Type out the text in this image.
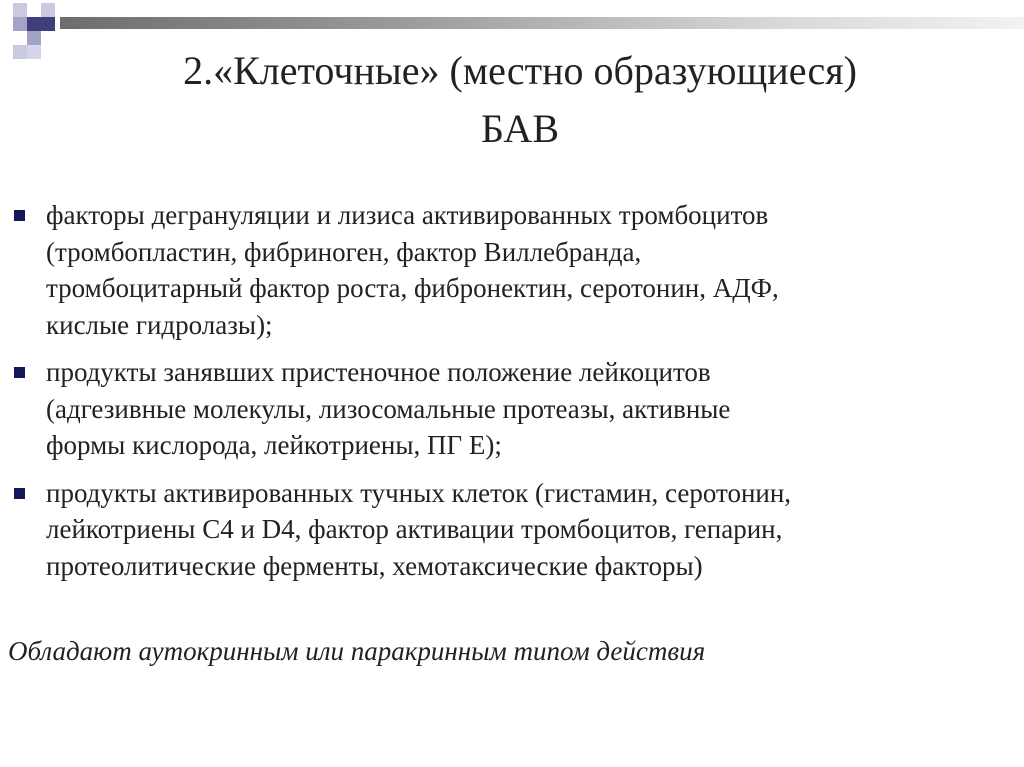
2.«Клеточные» (местно образующиеся)
БАВ
факторы дегрануляции и лизиса активированных тромбоцитов
(тромбопластин, фибриноген, фактор Виллебранда,
тромбоцитарный фактор роста, фибронектин, серотонин, АДФ,
кислые гидролазы);
продукты занявших пристеночное положение лейкоцитов
(адгезивные молекулы, лизосомальные протеазы, активные
формы кислорода, лейкотриены, ПГ Е);
продукты активированных тучных клеток (гистамин, серотонин,
лейкотриены С4 и D4, фактор активации тромбоцитов, гепарин,
протеолитические ферменты, хемотаксические факторы)
Обладают аутокринным или паракринным типом действия
